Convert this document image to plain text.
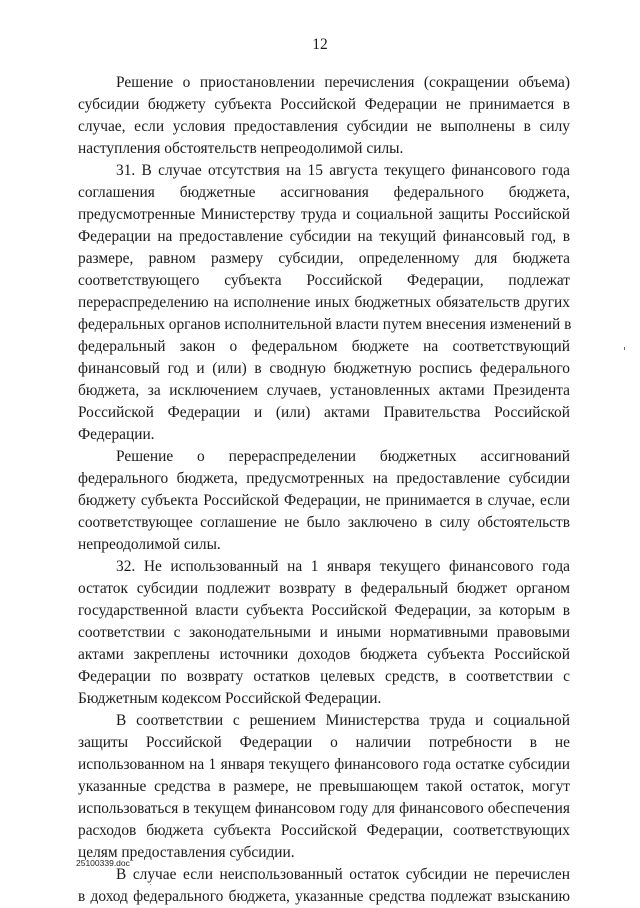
12
Решение о приостановлении перечисления (сокращении объема)
субсидии бюджету субъекта Российской Федерации не принимается в
случае, если условия предоставления субсидии не выполнены в силу
наступления обстоятельств непреодолимой силы.
31. В случае отсутствия на 15 августа текущего финансового года
соглашения бюджетные ассигнования федерального бюджета,
предусмотренные Министерству труда и социальной защиты Российской
Федерации на предоставление субсидии на текущий финансовый год, в
размере, равном размеру субсидии, определенному для бюджета
соответствующего субъекта Российской Федерации, подлежат
перераспределению на исполнение иных бюджетных обязательств других
федеральных органов исполнительной власти путем внесения изменений в
федеральный закон о федеральном бюджете на соответствующий
финансовый год и (или) в сводную бюджетную роспись федерального
бюджета, за исключением случаев, установленных актами Президента
Российской Федерации и (или) актами Правительства Российской
Федерации.
Решение о перераспределении бюджетных ассигнований
федерального бюджета, предусмотренных на предоставление субсидии
бюджету субъекта Российской Федерации, не принимается в случае, если
соответствующее соглашение не было заключено в силу обстоятельств
непреодолимой силы.
32. Не использованный на 1 января текущего финансового года
остаток субсидии подлежит возврату в федеральный бюджет органом
государственной власти субъекта Российской Федерации, за которым в
соответствии с законодательными и иными нормативными правовыми
актами закреплены источники доходов бюджета субъекта Российской
Федерации по возврату остатков целевых средств, в соответствии с
Бюджетным кодексом Российской Федерации.
В соответствии с решением Министерства труда и социальной
защиты Российской Федерации о наличии потребности в не
использованном на 1 января текущего финансового года остатке субсидии
указанные средства в размере, не превышающем такой остаток, могут
использоваться в текущем финансовом году для финансового обеспечения
расходов бюджета субъекта Российской Федерации, соответствующих
целям предоставления субсидии.
В случае если неиспользованный остаток субсидии не перечислен
в доход федерального бюджета, указанные средства подлежат взысканию
25100339.doc
